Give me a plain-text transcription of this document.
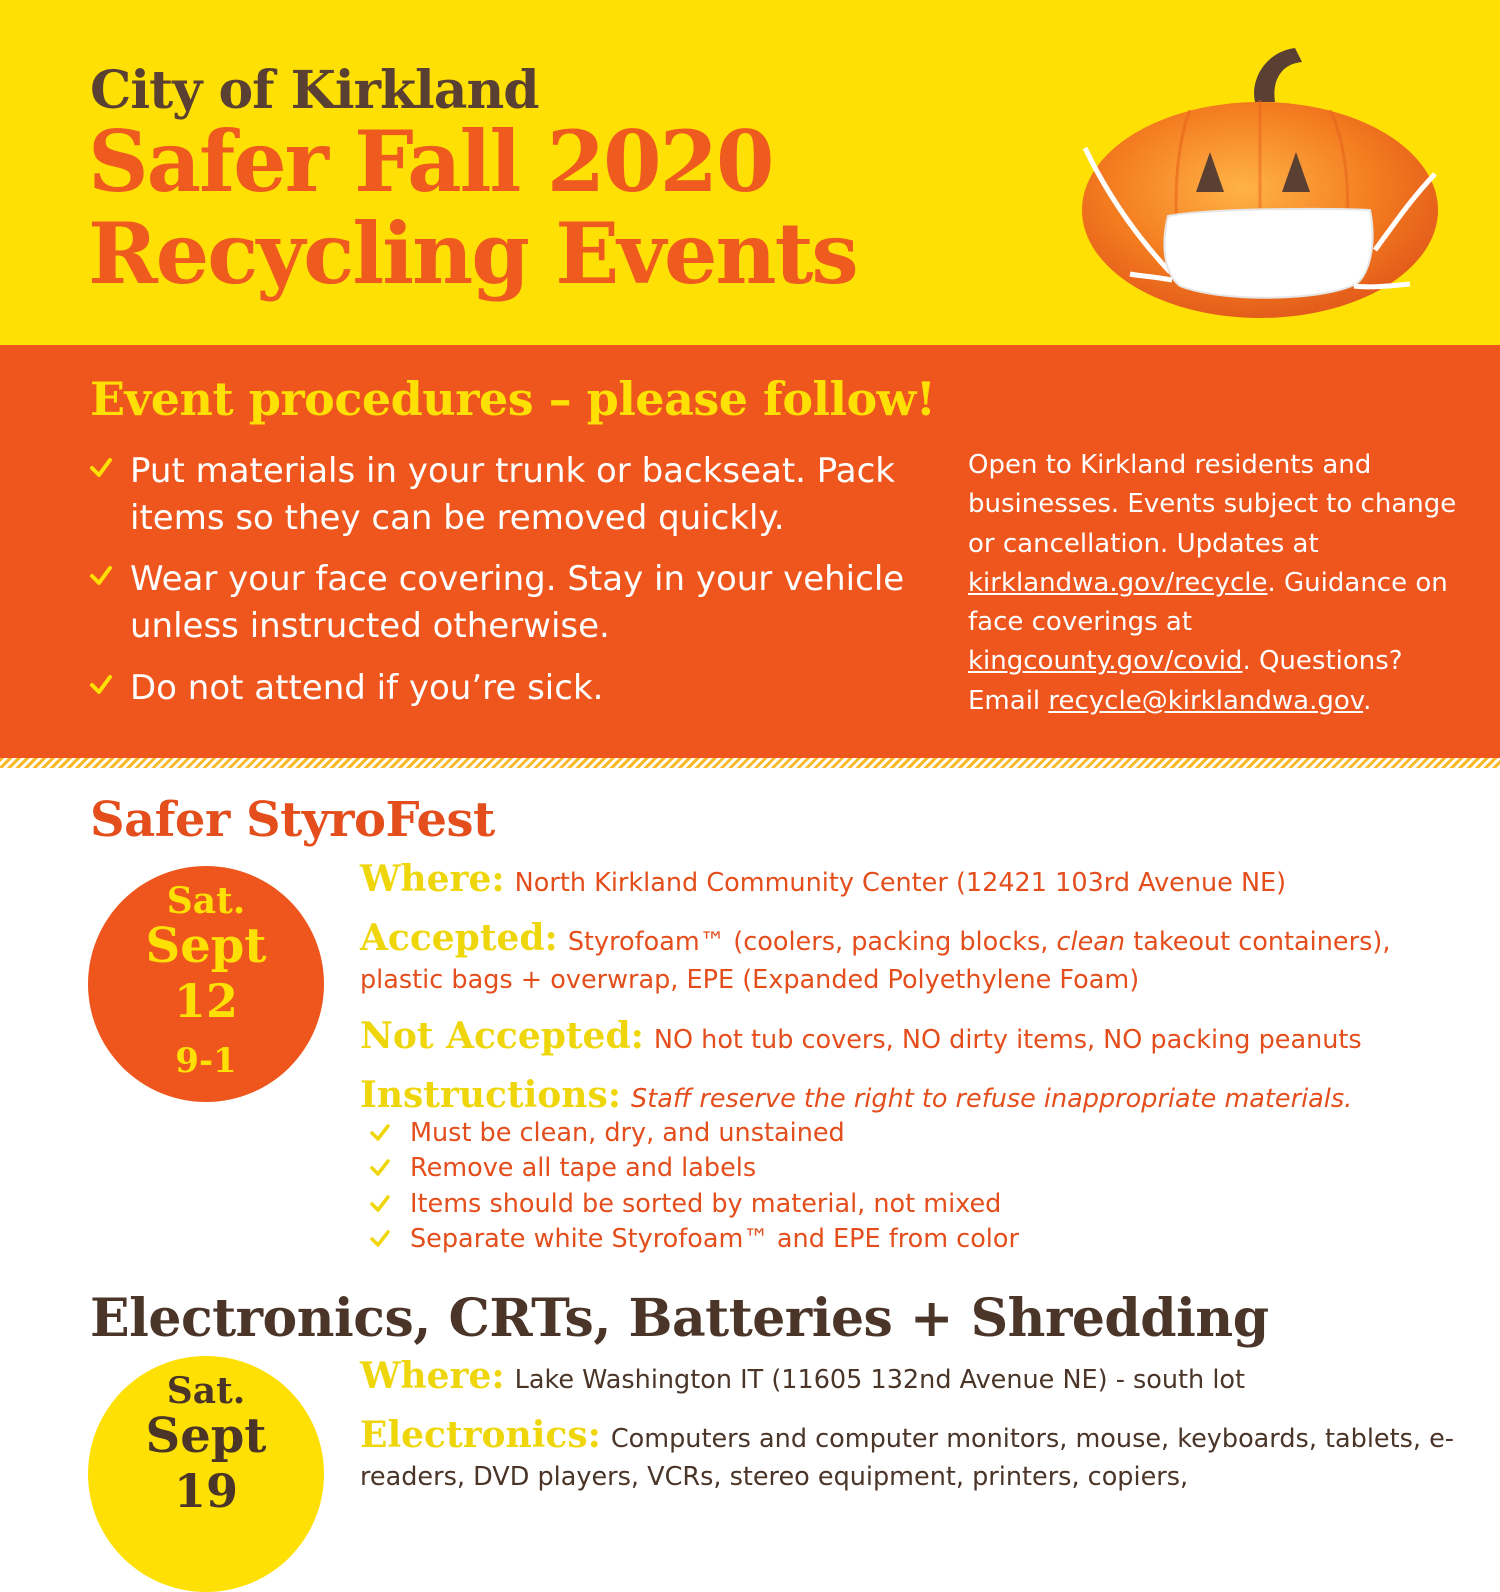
City of Kirkland
Safer Fall 2020
Recycling Events
Event procedures – please follow!
Put materials in your trunk or backseat. Pack items so they can be removed quickly.
Wear your face covering. Stay in your vehicle unless instructed otherwise.
Do not attend if you’re sick.
Open to Kirkland residents and businesses. Events subject to change or cancellation. Updates at kirklandwa.gov/recycle. Guidance on face coverings at kingcounty.gov/covid. Questions? Email recycle@kirklandwa.gov.
Safer StyroFest
Sat.
Sept
12
9-1
Where: North Kirkland Community Center (12421 103rd Avenue NE)
Accepted: Styrofoam™ (coolers, packing blocks, clean takeout containers), plastic bags + overwrap, EPE (Expanded Polyethylene Foam)
Not Accepted: NO hot tub covers, NO dirty items, NO packing peanuts
Instructions: Staff reserve the right to refuse inappropriate materials.
Must be clean, dry, and unstained
Remove all tape and labels
Items should be sorted by material, not mixed
Separate white Styrofoam™ and EPE from color
Electronics, CRTs, Batteries + Shredding
Sat.
Sept
19
Where: Lake Washington IT (11605 132nd Avenue NE) - south lot
Electronics: Computers and computer monitors, mouse, keyboards, tablets, e-readers, DVD players, VCRs, stereo equipment, printers, copiers,
